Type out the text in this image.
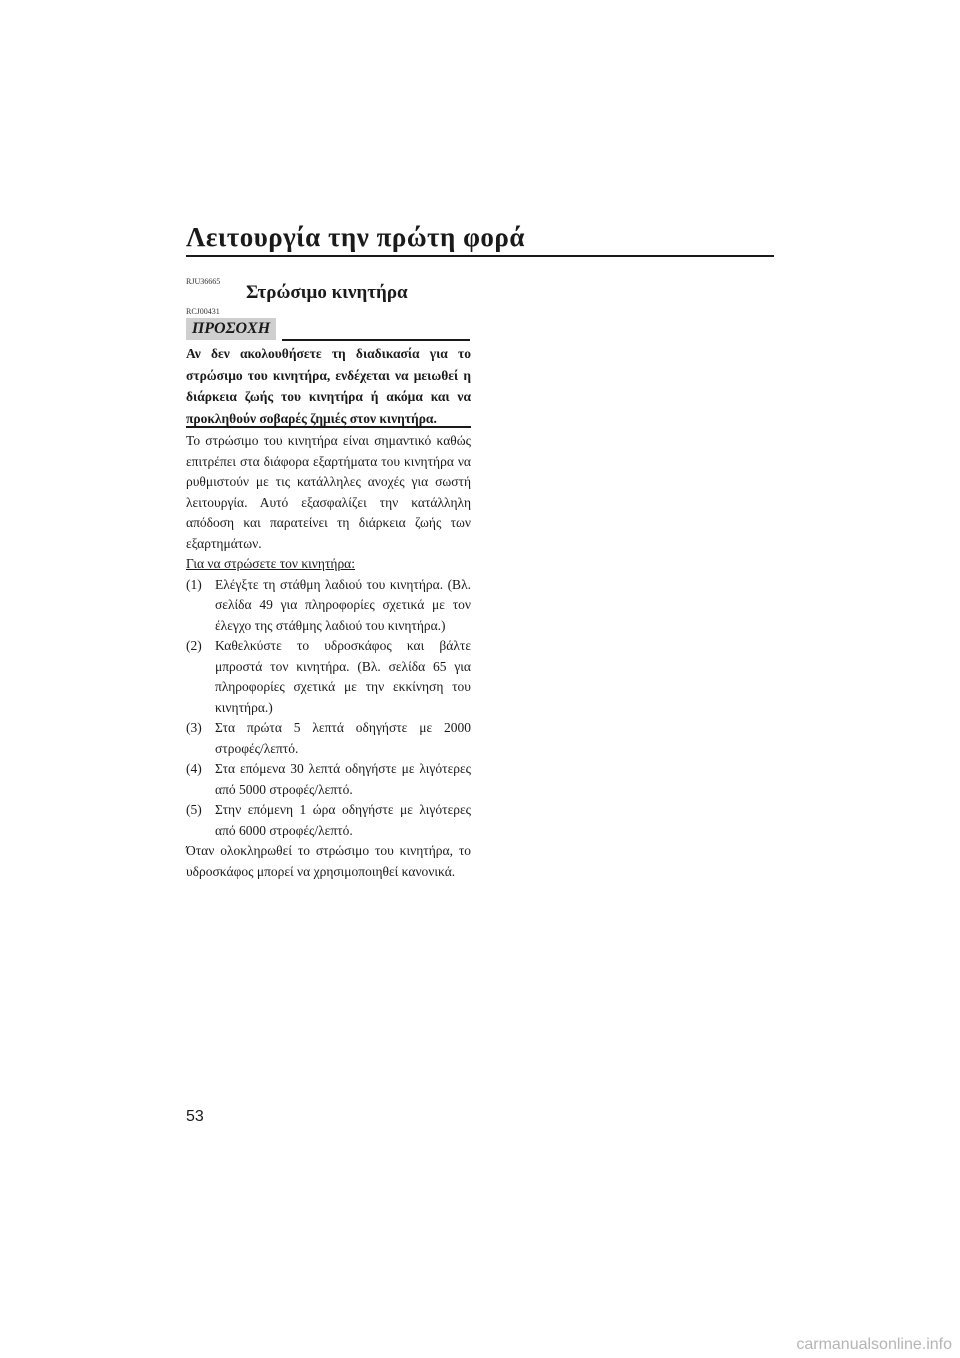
Λειτουργία την πρώτη φορά
RJU36665
Στρώσιμο κινητήρα
RCJ00431
ΠΡΟΣΟΧΗ
Αν δεν ακολουθήσετε τη διαδικασία για το στρώσιμο του κινητήρα, ενδέχεται να μειωθεί η διάρκεια ζωής του κινητήρα ή ακόμα και να προκληθούν σοβαρές ζημιές στον κινητήρα.

Το στρώσιμο του κινητήρα είναι σημαντικό καθώς επιτρέπει στα διάφορα εξαρτήματα του κινητήρα να ρυθμιστούν με τις κατάλληλες ανοχές για σωστή λειτουργία. Αυτό εξασφαλίζει την κατάλληλη απόδοση και παρατείνει τη διάρκεια ζωής των εξαρτημάτων.

Για να στρώσετε τον κινητήρα:
(1) Ελέγξτε τη στάθμη λαδιού του κινητήρα. (Βλ. σελίδα 49 για πληροφορίες σχετικά με τον έλεγχο της στάθμης λαδιού του κινητήρα.)
(2) Καθελκύστε το υδροσκάφος και βάλτε μπροστά τον κινητήρα. (Βλ. σελίδα 65 για πληροφορίες σχετικά με την εκκίνηση του κινητήρα.)
(3) Στα πρώτα 5 λεπτά οδηγήστε με 2000 στροφές/λεπτό.
(4) Στα επόμενα 30 λεπτά οδηγήστε με λιγότερες από 5000 στροφές/λεπτό.
(5) Στην επόμενη 1 ώρα οδηγήστε με λιγότερες από 6000 στροφές/λεπτό.

Όταν ολοκληρωθεί το στρώσιμο του κινητήρα, το υδροσκάφος μπορεί να χρησιμοποιηθεί κανονικά.

53
carmanualsonline.info
